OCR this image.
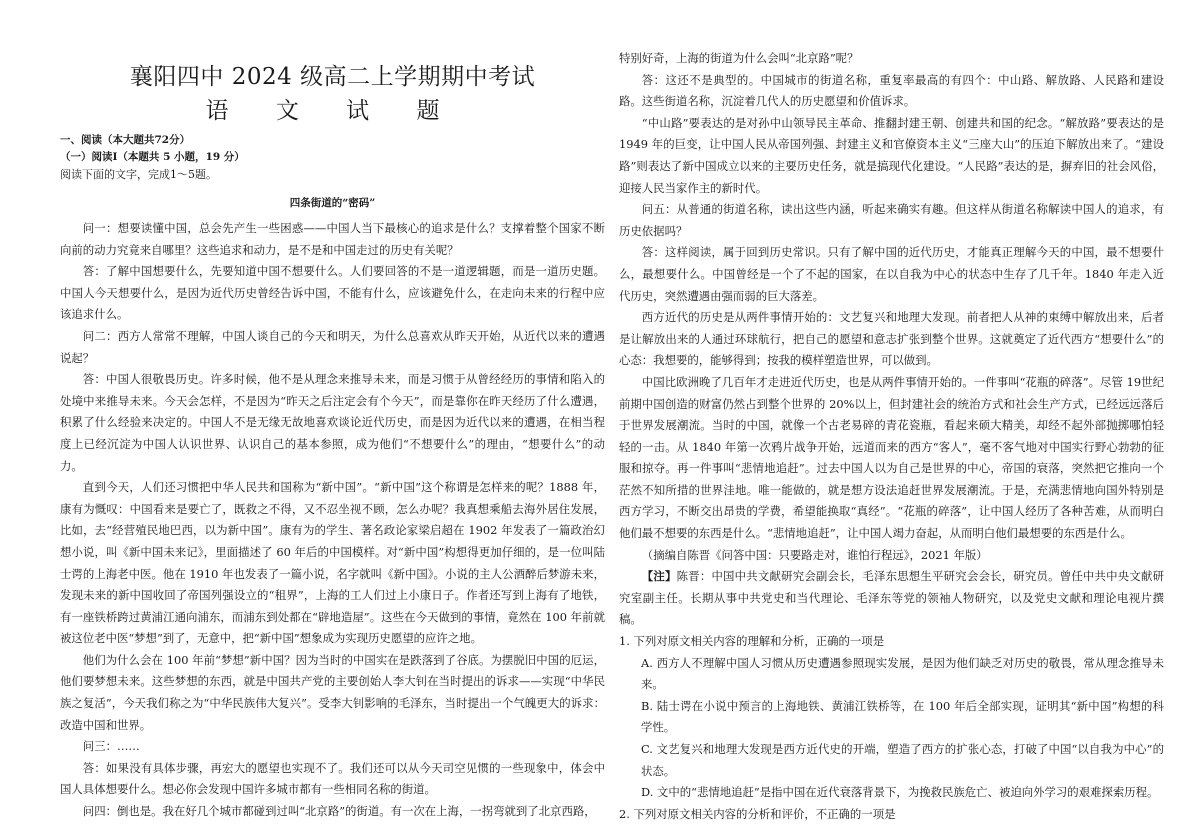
襄阳四中 2024 级高二上学期期中考试
语 文 试 题
一、阅读（本大题共72分）
（一）阅读Ⅰ（本题共 5 小题，19 分）
阅读下面的文字，完成1～5题。
四条街道的“密码”

问一：想要读懂中国，总会先产生一些困惑——中国人当下最核心的追求是什么？支撑着整个国家不断向前的动力究竟来自哪里？这些追求和动力，是不是和中国走过的历史有关呢？

答：了解中国想要什么，先要知道中国不想要什么。人们要回答的不是一道逻辑题，而是一道历史题。中国人今天想要什么，是因为近代历史曾经告诉中国，不能有什么，应该避免什么，在走向未来的行程中应该追求什么。

问二：西方人常常不理解，中国人谈自己的今天和明天，为什么总喜欢从昨天开始，从近代以来的遭遇说起？

答：中国人很敬畏历史。许多时候，他不是从理念来推导未来，而是习惯于从曾经经历的事情和陷入的处境中来推导未来。今天会怎样，不是因为“昨天之后注定会有个今天”，而是靠你在昨天经历了什么遭遇，积累了什么经验来决定的。中国人不是无缘无故地喜欢谈论近代历史，而是因为近代以来的遭遇，在相当程度上已经沉淀为中国人认识世界、认识自己的基本参照，成为他们“不想要什么”的理由，“想要什么”的动力。

直到今天，人们还习惯把中华人民共和国称为“新中国”。“新中国”这个称谓是怎样来的呢？1888 年，康有为慨叹：中国看来是要亡了，既救之不得，又不忍坐视不顾，怎么办呢？我真想乘船去海外居住发展，比如，去“经营殖民地巴西，以为新中国”。康有为的学生、著名政论家梁启超在 1902 年发表了一篇政治幻想小说，叫《新中国未来记》，里面描述了 60 年后的中国模样。对“新中国”构想得更加仔细的，是一位叫陆士谔的上海老中医。他在 1910 年也发表了一篇小说，名字就叫《新中国》。小说的主人公酒醉后梦游未来，发现未来的新中国收回了帝国列强设立的“租界”，上海的工人们过上小康日子。作者还写到上海有了地铁，有一座铁桥跨过黄浦江通向浦东，而浦东到处都在“辟地造屋”。这些在今天做到的事情，竟然在 100 年前就被这位老中医“梦想”到了，无意中，把“新中国”想象成为实现历史愿望的应许之地。

他们为什么会在 100 年前“梦想”新中国？因为当时的中国实在是跌落到了谷底。为摆脱旧中国的厄运，他们要梦想未来。这些梦想的东西，就是中国共产党的主要创始人李大钊在当时提出的诉求——实现“中华民族之复活”，今天我们称之为“中华民族伟大复兴”。受李大钊影响的毛泽东，当时提出一个气魄更大的诉求：改造中国和世界。

问三：……

答：如果没有具体步骤，再宏大的愿望也实现不了。我们还可以从今天司空见惯的一些现象中，体会中国人具体想要什么。想必你会发现中国许多城市都有一些相同名称的街道。

问四：倒也是。我在好几个城市都碰到过叫“北京路”的街道。有一次在上海，一拐弯就到了北京西路，

特别好奇，上海的街道为什么会叫“北京路”呢？

答：这还不是典型的。中国城市的街道名称，重复率最高的有四个：中山路、解放路、人民路和建设路。这些街道名称，沉淀着几代人的历史愿望和价值诉求。

“中山路”要表达的是对孙中山领导民主革命、推翻封建王朝、创建共和国的纪念。“解放路”要表达的是 1949 年的巨变，让中国人民从帝国列强、封建主义和官僚资本主义“三座大山”的压迫下解放出来了。“建设路”则表达了新中国成立以来的主要历史任务，就是搞现代化建设。“人民路”表达的是，摒弃旧的社会风俗，迎接人民当家作主的新时代。

问五：从普通的街道名称，读出这些内涵，听起来确实有趣。但这样从街道名称解读中国人的追求，有历史依据吗？

答：这样阅读，属于回到历史常识。只有了解中国的近代历史，才能真正理解今天的中国，最不想要什么，最想要什么。中国曾经是一个了不起的国家，在以自我为中心的状态中生存了几千年。1840 年走入近代历史，突然遭遇由强而弱的巨大落差。

西方近代的历史是从两件事情开始的：文艺复兴和地理大发现。前者把人从神的束缚中解放出来，后者是让解放出来的人通过环球航行，把自己的愿望和意志扩张到整个世界。这就奠定了近代西方“想要什么”的心态：我想要的，能够得到；按我的模样塑造世界，可以做到。

中国比欧洲晚了几百年才走进近代历史，也是从两件事情开始的。一件事叫“花瓶的碎落”。尽管 19世纪前期中国创造的财富仍然占到整个世界的 20%以上，但封建社会的统治方式和社会生产方式，已经远远落后于世界发展潮流。当时的中国，就像一个古老易碎的青花瓷瓶，看起来硕大精美，却经不起外部抛掷哪怕轻轻的一击。从 1840 年第一次鸦片战争开始，远道而来的西方“客人”，毫不客气地对中国实行野心勃勃的征服和掠夺。再一件事叫“悲情地追赶”。过去中国人以为自己是世界的中心，帝国的衰落，突然把它推向一个茫然不知所措的世界洼地。唯一能做的，就是想方设法追赶世界发展潮流。于是，充满悲情地向国外特别是西方学习，不断交出昂贵的学费，希望能换取“真经”。“花瓶的碎落”，让中国人经历了各种苦难，从而明白他们最不想要的东西是什么。“悲情地追赶”，让中国人竭力奋起，从而明白他们最想要的东西是什么。

（摘编自陈晋《问答中国：只要路走对，谁怕行程远》，2021 年版）

【注】陈晋：中国中共文献研究会副会长，毛泽东思想生平研究会会长，研究员。曾任中共中央文献研究室副主任。长期从事中共党史和当代理论、毛泽东等党的领袖人物研究，以及党史文献和理论电视片撰稿。

1. 下列对原文相关内容的理解和分析，正确的一项是

A. 西方人不理解中国人习惯从历史遭遇参照现实发展，是因为他们缺乏对历史的敬畏，常从理念推导未来。

B. 陆士谔在小说中预言的上海地铁、黄浦江铁桥等，在 100 年后全部实现，证明其“新中国”构想的科学性。

C. 文艺复兴和地理大发现是西方近代史的开端，塑造了西方的扩张心态，打破了中国“以自我为中心”的状态。

D. 文中的“悲情地追赶”是指中国在近代衰落背景下，为挽救民族危亡、被迫向外学习的艰难探索历程。

2. 下列对原文相关内容的分析和评价，不正确的一项是
